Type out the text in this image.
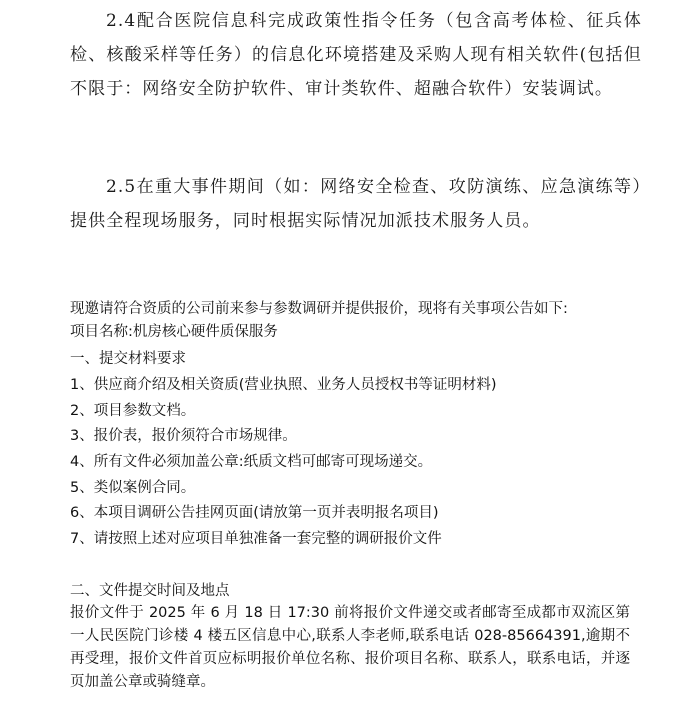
2.4配合医院信息科完成政策性指令任务（包含高考体检、征兵体检、核酸采样等任务）的信息化环境搭建及采购人现有相关软件(包括但不限于：网络安全防护软件、审计类软件、超融合软件）安装调试。

2.5在重大事件期间（如：网络安全检查、攻防演练、应急演练等）提供全程现场服务，同时根据实际情况加派技术服务人员。

现邀请符合资质的公司前来参与参数调研并提供报价，现将有关事项公告如下:

项目名称:机房核心硬件质保服务

一、提交材料要求

1、供应商介绍及相关资质(营业执照、业务人员授权书等证明材料)

2、项目参数文档。

3、报价表，报价须符合市场规律。

4、所有文件必须加盖公章:纸质文档可邮寄可现场递交。

5、类似案例合同。

6、本项目调研公告挂网页面(请放第一页并表明报名项目)

7、请按照上述对应项目单独准备一套完整的调研报价文件

二、文件提交时间及地点

报价文件于 2025 年 6 月 18 日 17:30 前将报价文件递交或者邮寄至成都市双流区第一人民医院门诊楼 4 楼五区信息中心,联系人李老师,联系电话 028-85664391,逾期不再受理，报价文件首页应标明报价单位名称、报价项目名称、联系人，联系电话，并逐页加盖公章或骑缝章。
